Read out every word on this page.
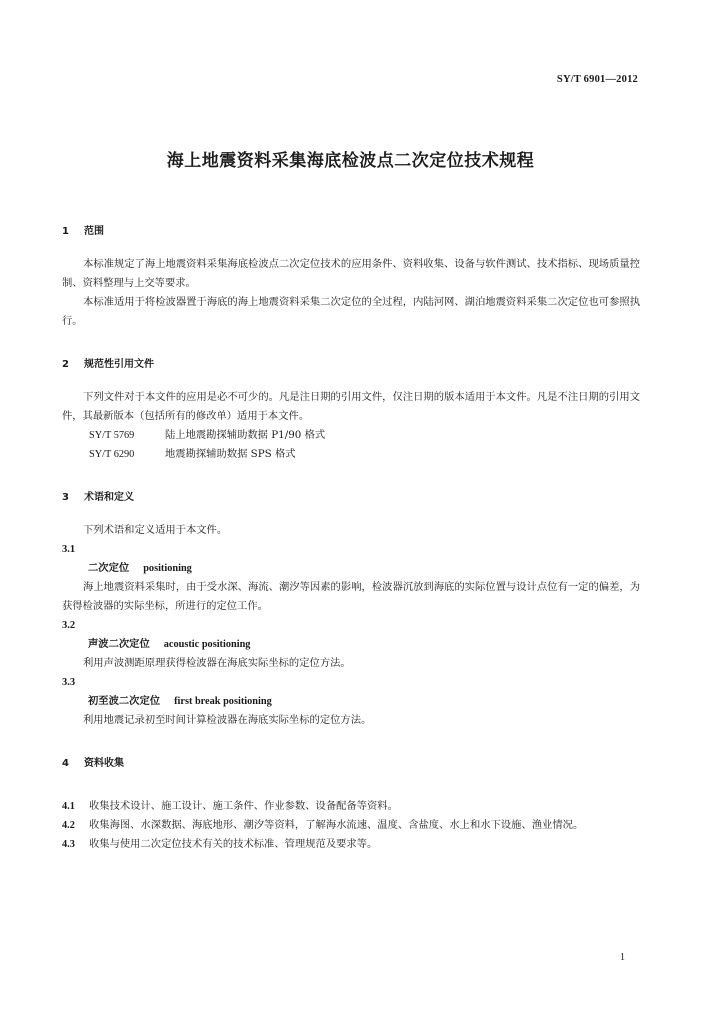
SY/T 6901—2012
海上地震资料采集海底检波点二次定位技术规程

1 范围

本标准规定了海上地震资料采集海底检波点二次定位技术的应用条件、资料收集、设备与软件测试、技术指标、现场质量控制、资料整理与上交等要求。

本标准适用于将检波器置于海底的海上地震资料采集二次定位的全过程，内陆河网、湖泊地震资料采集二次定位也可参照执行。

2 规范性引用文件

下列文件对于本文件的应用是必不可少的。凡是注日期的引用文件，仅注日期的版本适用于本文件。凡是不注日期的引用文件，其最新版本（包括所有的修改单）适用于本文件。

SY/T 5769	陆上地震勘探辅助数据 P1/90 格式

SY/T 6290	地震勘探辅助数据 SPS 格式

3 术语和定义

下列术语和定义适用于本文件。

3.1

二次定位 positioning

海上地震资料采集时，由于受水深、海流、潮汐等因素的影响，检波器沉放到海底的实际位置与设计点位有一定的偏差，为获得检波器的实际坐标，所进行的定位工作。

3.2

声波二次定位 acoustic positioning

利用声波测距原理获得检波器在海底实际坐标的定位方法。

3.3

初至波二次定位 first break positioning

利用地震记录初至时间计算检波器在海底实际坐标的定位方法。

4 资料收集

4.1 收集技术设计、施工设计、施工条件、作业参数、设备配备等资料。

4.2 收集海图、水深数据、海底地形、潮汐等资料，了解海水流速、温度、含盐度、水上和水下设施、渔业情况。

4.3 收集与使用二次定位技术有关的技术标准、管理规范及要求等。

1
